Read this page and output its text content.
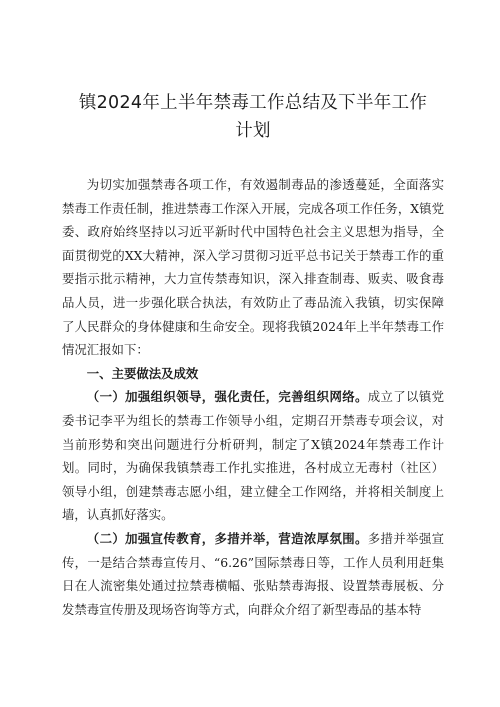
镇2024年上半年禁毒工作总结及下半年工作
计划

为切实加强禁毒各项工作，有效遏制毒品的渗透蔓延，全面落实禁毒工作责任制，推进禁毒工作深入开展，完成各项工作任务，X镇党委、政府始终坚持以习近平新时代中国特色社会主义思想为指导，全面贯彻党的XX大精神，深入学习贯彻习近平总书记关于禁毒工作的重要指示批示精神，大力宣传禁毒知识，深入排查制毒、贩卖、吸食毒品人员，进一步强化联合执法，有效防止了毒品流入我镇，切实保障了人民群众的身体健康和生命安全。现将我镇2024年上半年禁毒工作情况汇报如下：

一、主要做法及成效

（一）加强组织领导，强化责任，完善组织网络。成立了以镇党委书记李平为组长的禁毒工作领导小组，定期召开禁毒专项会议，对当前形势和突出问题进行分析研判，制定了X镇2024年禁毒工作计划。同时，为确保我镇禁毒工作扎实推进，各村成立无毒村（社区）领导小组，创建禁毒志愿小组，建立健全工作网络，并将相关制度上墙，认真抓好落实。

（二）加强宣传教育，多措并举，营造浓厚氛围。多措并举强宣传，一是结合禁毒宣传月、“6.26”国际禁毒日等，工作人员利用赶集日在人流密集处通过拉禁毒横幅、张贴禁毒海报、设置禁毒展板、分发禁毒宣传册及现场咨询等方式，向群众介绍了新型毒品的基本特
